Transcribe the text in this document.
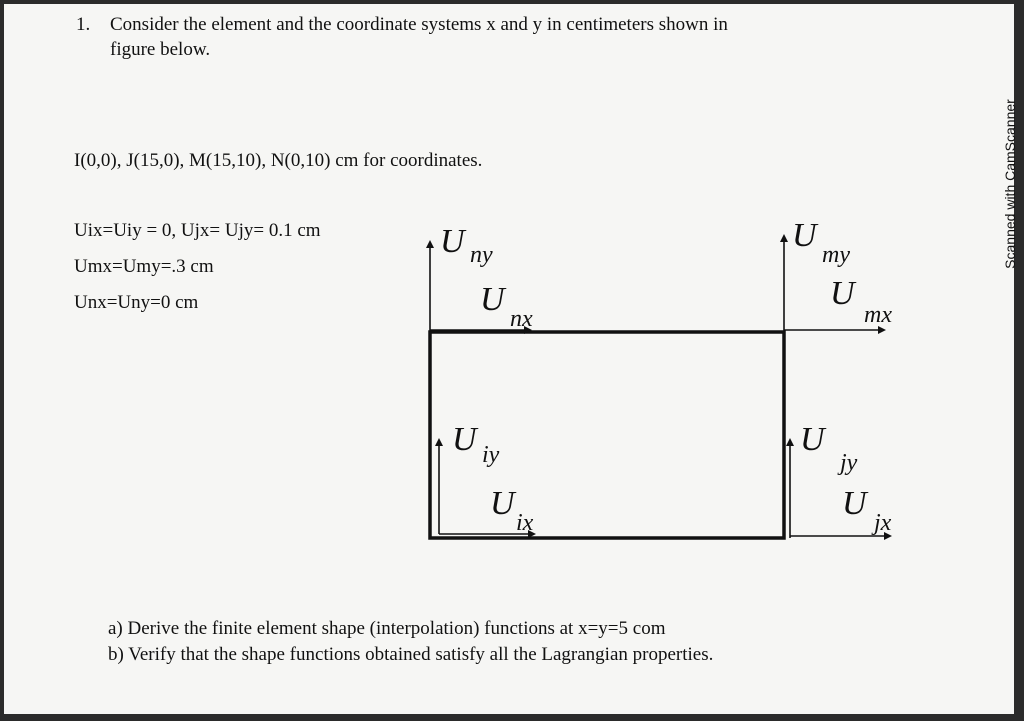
1. Consider the element and the coordinate systems x and y in centimeters shown in
figure below.
I(0,0), J(15,0), M(15,10), N(0,10) cm for coordinates.
Uix=Uiy = 0, Ujx= Ujy= 0.1 cm
Umx=Umy=.3 cm
Unx=Uny=0 cm
U ny
U
nx
U
my
U
mx
U iy
U
ix
U
jy
U
jx
a) Derive the finite element shape (interpolation) functions at x=y=5 com
b) Verify that the shape functions obtained satisfy all the Lagrangian properties.
Scanned with CamScanner
